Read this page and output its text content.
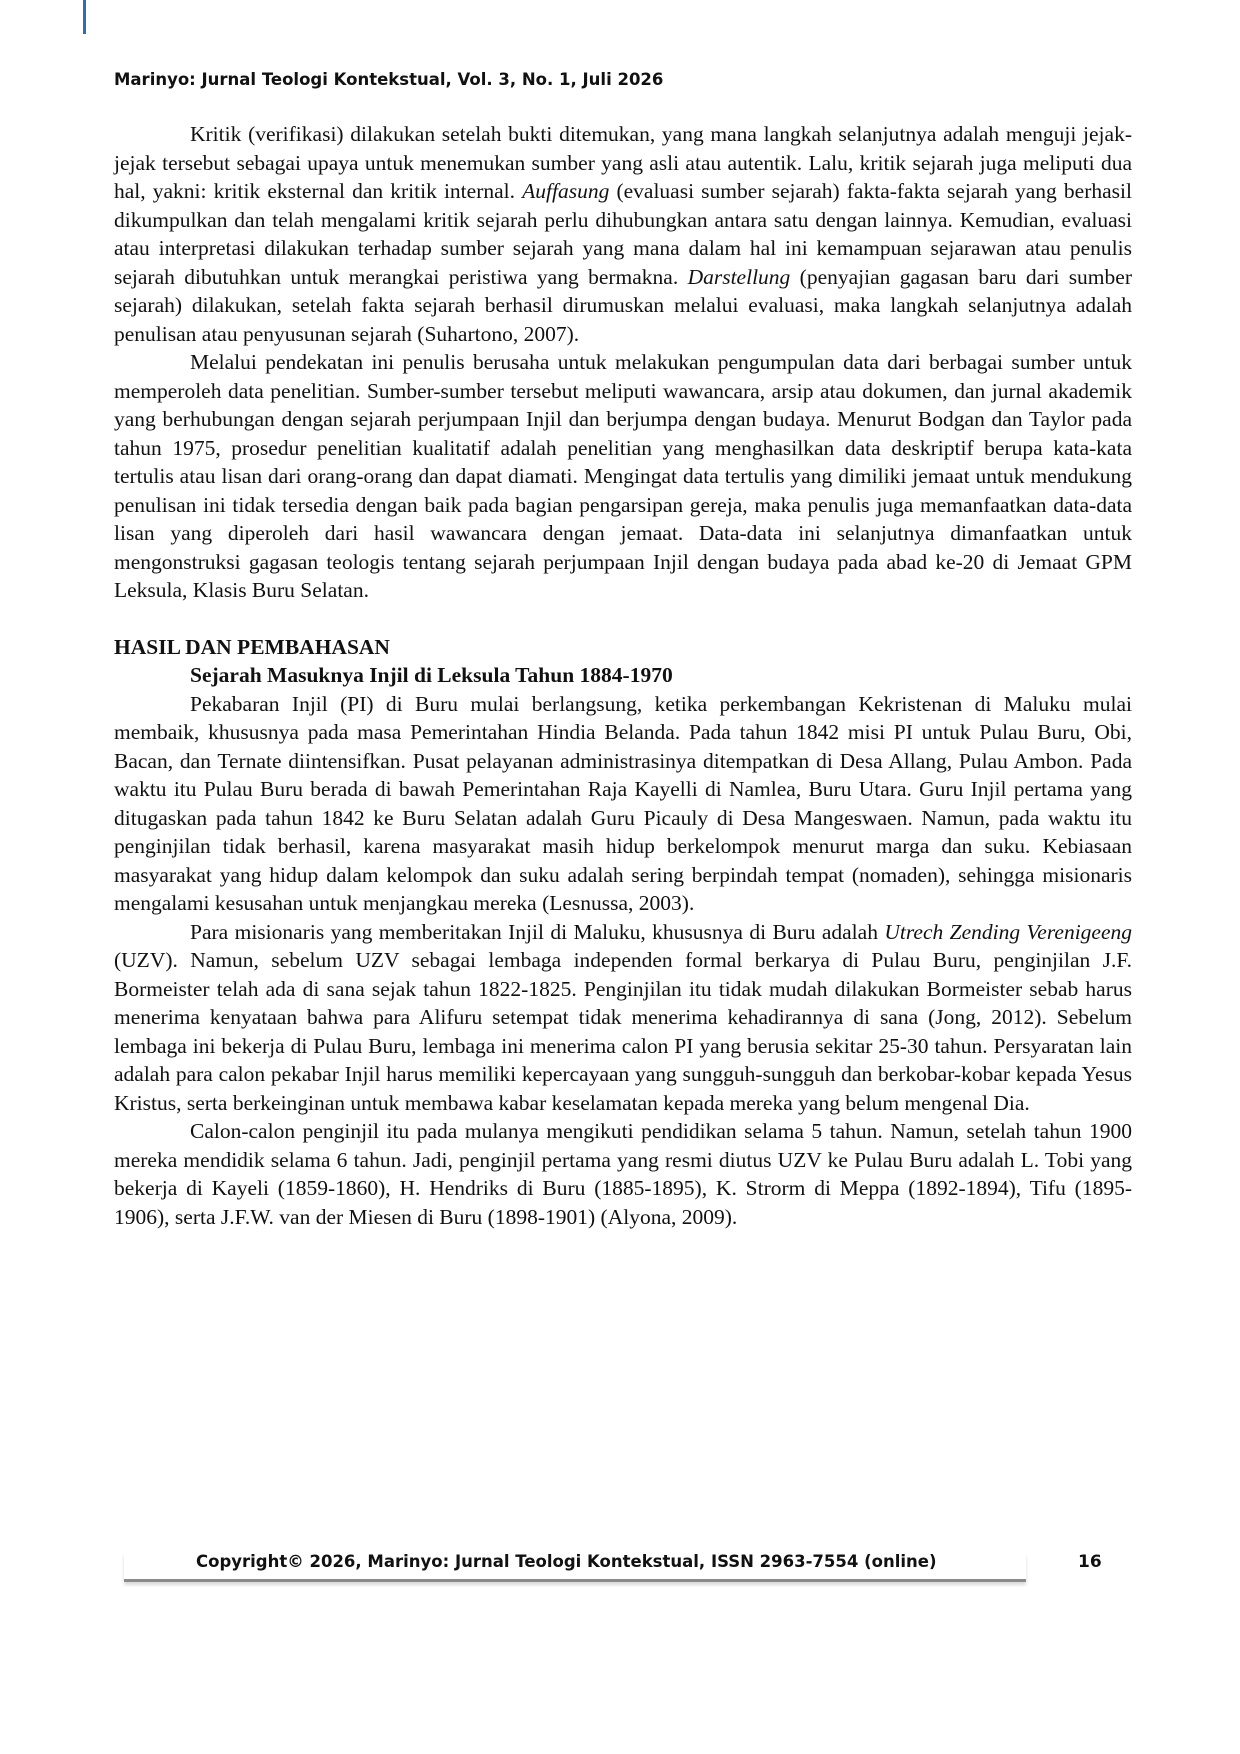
Marinyo: Jurnal Teologi Kontekstual, Vol. 3, No. 1, Juli 2026

Kritik (verifikasi) dilakukan setelah bukti ditemukan, yang mana langkah selanjutnya adalah menguji jejak-jejak tersebut sebagai upaya untuk menemukan sumber yang asli atau autentik. Lalu, kritik sejarah juga meliputi dua hal, yakni: kritik eksternal dan kritik internal. Auffasung (evaluasi sumber sejarah) fakta-fakta sejarah yang berhasil dikumpulkan dan telah mengalami kritik sejarah perlu dihubungkan antara satu dengan lainnya. Kemudian, evaluasi atau interpretasi dilakukan terhadap sumber sejarah yang mana dalam hal ini kemampuan sejarawan atau penulis sejarah dibutuhkan untuk merangkai peristiwa yang bermakna. Darstellung (penyajian gagasan baru dari sumber sejarah) dilakukan, setelah fakta sejarah berhasil dirumuskan melalui evaluasi, maka langkah selanjutnya adalah penulisan atau penyusunan sejarah (Suhartono, 2007).

Melalui pendekatan ini penulis berusaha untuk melakukan pengumpulan data dari berbagai sumber untuk memperoleh data penelitian. Sumber-sumber tersebut meliputi wawancara, arsip atau dokumen, dan jurnal akademik yang berhubungan dengan sejarah perjumpaan Injil dan berjumpa dengan budaya. Menurut Bodgan dan Taylor pada tahun 1975, prosedur penelitian kualitatif adalah penelitian yang menghasilkan data deskriptif berupa kata-kata tertulis atau lisan dari orang-orang dan dapat diamati. Mengingat data tertulis yang dimiliki jemaat untuk mendukung penulisan ini tidak tersedia dengan baik pada bagian pengarsipan gereja, maka penulis juga memanfaatkan data-data lisan yang diperoleh dari hasil wawancara dengan jemaat. Data-data ini selanjutnya dimanfaatkan untuk mengonstruksi gagasan teologis tentang sejarah perjumpaan Injil dengan budaya pada abad ke-20 di Jemaat GPM Leksula, Klasis Buru Selatan.

HASIL DAN PEMBAHASAN

Sejarah Masuknya Injil di Leksula Tahun 1884-1970

Pekabaran Injil (PI) di Buru mulai berlangsung, ketika perkembangan Kekristenan di Maluku mulai membaik, khususnya pada masa Pemerintahan Hindia Belanda. Pada tahun 1842 misi PI untuk Pulau Buru, Obi, Bacan, dan Ternate diintensifkan. Pusat pelayanan administrasinya ditempatkan di Desa Allang, Pulau Ambon. Pada waktu itu Pulau Buru berada di bawah Pemerintahan Raja Kayelli di Namlea, Buru Utara. Guru Injil pertama yang ditugaskan pada tahun 1842 ke Buru Selatan adalah Guru Picauly di Desa Mangeswaen. Namun, pada waktu itu penginjilan tidak berhasil, karena masyarakat masih hidup berkelompok menurut marga dan suku. Kebiasaan masyarakat yang hidup dalam kelompok dan suku adalah sering berpindah tempat (nomaden), sehingga misionaris mengalami kesusahan untuk menjangkau mereka (Lesnussa, 2003).

Para misionaris yang memberitakan Injil di Maluku, khususnya di Buru adalah Utrech Zending Verenigeeng (UZV). Namun, sebelum UZV sebagai lembaga independen formal berkarya di Pulau Buru, penginjilan J.F. Bormeister telah ada di sana sejak tahun 1822-1825. Penginjilan itu tidak mudah dilakukan Bormeister sebab harus menerima kenyataan bahwa para Alifuru setempat tidak menerima kehadirannya di sana (Jong, 2012). Sebelum lembaga ini bekerja di Pulau Buru, lembaga ini menerima calon PI yang berusia sekitar 25-30 tahun. Persyaratan lain adalah para calon pekabar Injil harus memiliki kepercayaan yang sungguh-sungguh dan berkobar-kobar kepada Yesus Kristus, serta berkeinginan untuk membawa kabar keselamatan kepada mereka yang belum mengenal Dia.

Calon-calon penginjil itu pada mulanya mengikuti pendidikan selama 5 tahun. Namun, setelah tahun 1900 mereka mendidik selama 6 tahun. Jadi, penginjil pertama yang resmi diutus UZV ke Pulau Buru adalah L. Tobi yang bekerja di Kayeli (1859-1860), H. Hendriks di Buru (1885-1895), K. Strorm di Meppa (1892-1894), Tifu (1895-1906), serta J.F.W. van der Miesen di Buru (1898-1901) (Alyona, 2009).

Copyright© 2026, Marinyo: Jurnal Teologi Kontekstual, ISSN 2963-7554 (online)	16
